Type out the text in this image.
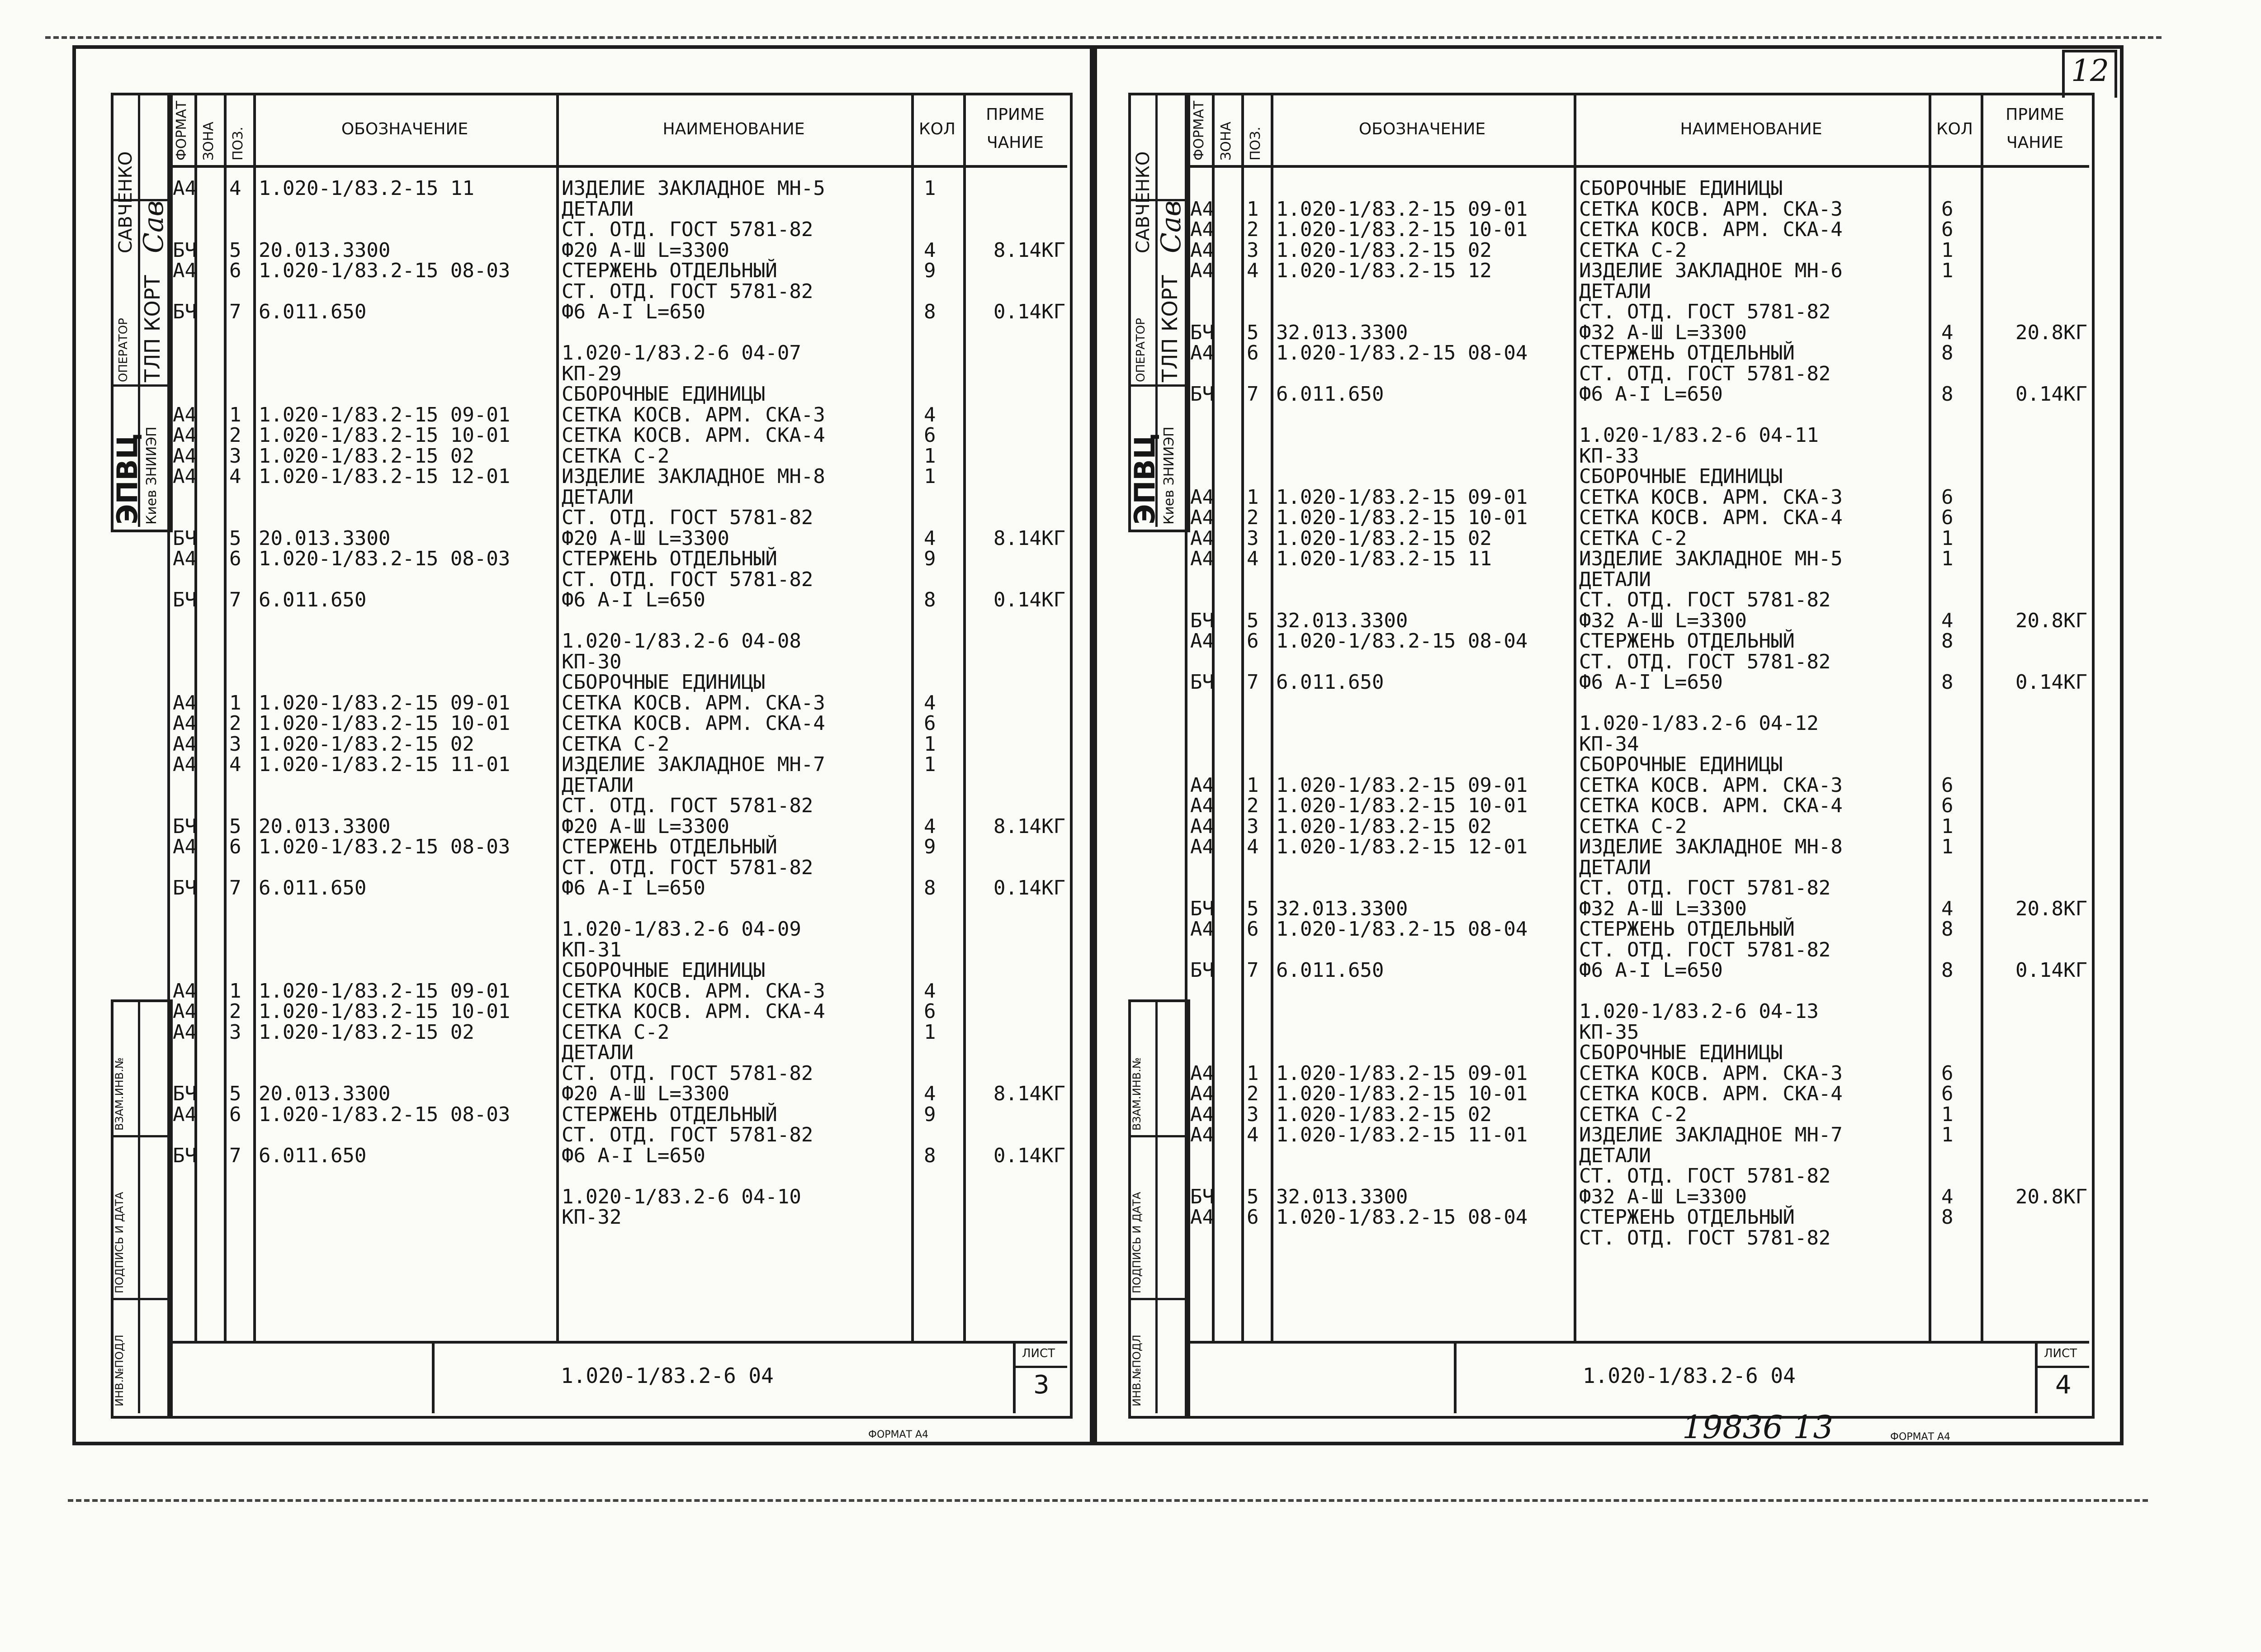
12
ЭПВЦ Киев ЗНИИЭП
ТЛП КОРТ
ОПЕРАТОР
САВЧЕНКО Сав
ВЗАМ.ИНВ.№
ПОДПИСЬ И ДАТА
ИНВ.№ПОДЛ
ФОРМАТ ЗОНА ПОЗ.	ОБОЗНАЧЕНИЕ	НАИМЕНОВАНИЕ	КОЛ
ПРИМЕ
ЧАНИЕ
А4 4 1.020-1/83.2-15 11	ИЗДЕЛИЕ ЗАКЛАДНОЕ МН-5	1
ДЕТАЛИ
СТ. ОТД. ГОСТ 5781-82
БЧ 5 20.013.3300	Ф20 А-Ш L=3300	4	8.14КГ
А4 6 1.020-1/83.2-15 08-03	СТЕРЖЕНЬ ОТДЕЛЬНЫЙ	9
СТ. ОТД. ГОСТ 5781-82
БЧ 7 6.011.650	Ф6 А-I L=650	8	0.14КГ
1.020-1/83.2-6 04-07
КП-29
СБОРОЧНЫЕ ЕДИНИЦЫ
А4 1 1.020-1/83.2-15 09-01	СЕТКА КОСВ. АРМ. СКА-3	4
А4 2 1.020-1/83.2-15 10-01	СЕТКА КОСВ. АРМ. СКА-4	6
А4 3 1.020-1/83.2-15 02	СЕТКА С-2	1
А4 4 1.020-1/83.2-15 12-01	ИЗДЕЛИЕ ЗАКЛАДНОЕ МН-8	1
ДЕТАЛИ
СТ. ОТД. ГОСТ 5781-82
БЧ 5 20.013.3300	Ф20 А-Ш L=3300	4	8.14КГ
А4 6 1.020-1/83.2-15 08-03	СТЕРЖЕНЬ ОТДЕЛЬНЫЙ	9
СТ. ОТД. ГОСТ 5781-82
БЧ 7 6.011.650	Ф6 А-I L=650	8	0.14КГ
1.020-1/83.2-6 04-08
КП-30
СБОРОЧНЫЕ ЕДИНИЦЫ
А4 1 1.020-1/83.2-15 09-01	СЕТКА КОСВ. АРМ. СКА-3	4
А4 2 1.020-1/83.2-15 10-01	СЕТКА КОСВ. АРМ. СКА-4	6
А4 3 1.020-1/83.2-15 02	СЕТКА С-2	1
А4 4 1.020-1/83.2-15 11-01	ИЗДЕЛИЕ ЗАКЛАДНОЕ МН-7	1
ДЕТАЛИ
СТ. ОТД. ГОСТ 5781-82
БЧ 5 20.013.3300	Ф20 А-Ш L=3300	4	8.14КГ
А4 6 1.020-1/83.2-15 08-03	СТЕРЖЕНЬ ОТДЕЛЬНЫЙ	9
СТ. ОТД. ГОСТ 5781-82
БЧ 7 6.011.650	Ф6 А-I L=650	8	0.14КГ
1.020-1/83.2-6 04-09
КП-31
СБОРОЧНЫЕ ЕДИНИЦЫ
А4 1 1.020-1/83.2-15 09-01	СЕТКА КОСВ. АРМ. СКА-3	4
А4 2 1.020-1/83.2-15 10-01	СЕТКА КОСВ. АРМ. СКА-4	6
А4 3 1.020-1/83.2-15 02	СЕТКА С-2	1
ДЕТАЛИ
СТ. ОТД. ГОСТ 5781-82
БЧ 5 20.013.3300	Ф20 А-Ш L=3300	4	8.14КГ
А4 6 1.020-1/83.2-15 08-03	СТЕРЖЕНЬ ОТДЕЛЬНЫЙ	9
СТ. ОТД. ГОСТ 5781-82
БЧ 7 6.011.650	Ф6 А-I L=650	8	0.14КГ
1.020-1/83.2-6 04-10
КП-32
1.020-1/83.2-6 04
ЛИСТ
3
ФОРМАТ А4
ЭПВЦ Киев ЗНИИЭП
ТЛП КОРТ
ОПЕРАТОР
САВЧЕНКО Сав
ВЗАМ.ИНВ.№
ПОДПИСЬ И ДАТА
ИНВ.№ПОДЛ
ФОРМАТ ЗОНА ПОЗ.	ОБОЗНАЧЕНИЕ	НАИМЕНОВАНИЕ	КОЛ
ПРИМЕ
ЧАНИЕ
СБОРОЧНЫЕ ЕДИНИЦЫ
А4 1 1.020-1/83.2-15 09-01	СЕТКА КОСВ. АРМ. СКА-3	6
А4 2 1.020-1/83.2-15 10-01	СЕТКА КОСВ. АРМ. СКА-4	6
А4 3 1.020-1/83.2-15 02	СЕТКА С-2	1
А4 4 1.020-1/83.2-15 12	ИЗДЕЛИЕ ЗАКЛАДНОЕ МН-6	1
ДЕТАЛИ
СТ. ОТД. ГОСТ 5781-82
БЧ 5 32.013.3300	Ф32 А-Ш L=3300	4	20.8КГ
А4 6 1.020-1/83.2-15 08-04	СТЕРЖЕНЬ ОТДЕЛЬНЫЙ	8
СТ. ОТД. ГОСТ 5781-82
БЧ 7 6.011.650	Ф6 А-I L=650	8	0.14КГ
1.020-1/83.2-6 04-11
КП-33
СБОРОЧНЫЕ ЕДИНИЦЫ
А4 1 1.020-1/83.2-15 09-01	СЕТКА КОСВ. АРМ. СКА-3	6
А4 2 1.020-1/83.2-15 10-01	СЕТКА КОСВ. АРМ. СКА-4	6
А4 3 1.020-1/83.2-15 02	СЕТКА С-2	1
А4 4 1.020-1/83.2-15 11	ИЗДЕЛИЕ ЗАКЛАДНОЕ МН-5	1
ДЕТАЛИ
СТ. ОТД. ГОСТ 5781-82
БЧ 5 32.013.3300	Ф32 А-Ш L=3300	4	20.8КГ
А4 6 1.020-1/83.2-15 08-04	СТЕРЖЕНЬ ОТДЕЛЬНЫЙ	8
СТ. ОТД. ГОСТ 5781-82
БЧ 7 6.011.650	Ф6 А-I L=650	8	0.14КГ
1.020-1/83.2-6 04-12
КП-34
СБОРОЧНЫЕ ЕДИНИЦЫ
А4 1 1.020-1/83.2-15 09-01	СЕТКА КОСВ. АРМ. СКА-3	6
А4 2 1.020-1/83.2-15 10-01	СЕТКА КОСВ. АРМ. СКА-4	6
А4 3 1.020-1/83.2-15 02	СЕТКА С-2	1
А4 4 1.020-1/83.2-15 12-01	ИЗДЕЛИЕ ЗАКЛАДНОЕ МН-8	1
ДЕТАЛИ
СТ. ОТД. ГОСТ 5781-82
БЧ 5 32.013.3300	Ф32 А-Ш L=3300	4	20.8КГ
А4 6 1.020-1/83.2-15 08-04	СТЕРЖЕНЬ ОТДЕЛЬНЫЙ	8
СТ. ОТД. ГОСТ 5781-82
БЧ 7 6.011.650	Ф6 А-I L=650	8	0.14КГ
1.020-1/83.2-6 04-13
КП-35
СБОРОЧНЫЕ ЕДИНИЦЫ
А4 1 1.020-1/83.2-15 09-01	СЕТКА КОСВ. АРМ. СКА-3	6
А4 2 1.020-1/83.2-15 10-01	СЕТКА КОСВ. АРМ. СКА-4	6
А4 3 1.020-1/83.2-15 02	СЕТКА С-2	1
А4 4 1.020-1/83.2-15 11-01	ИЗДЕЛИЕ ЗАКЛАДНОЕ МН-7	1
ДЕТАЛИ
СТ. ОТД. ГОСТ 5781-82
БЧ 5 32.013.3300	Ф32 А-Ш L=3300	4	20.8КГ
А4 6 1.020-1/83.2-15 08-04	СТЕРЖЕНЬ ОТДЕЛЬНЫЙ	8
СТ. ОТД. ГОСТ 5781-82
1.020-1/83.2-6 04
ЛИСТ
4
ФОРМАТ А4
19836 13
